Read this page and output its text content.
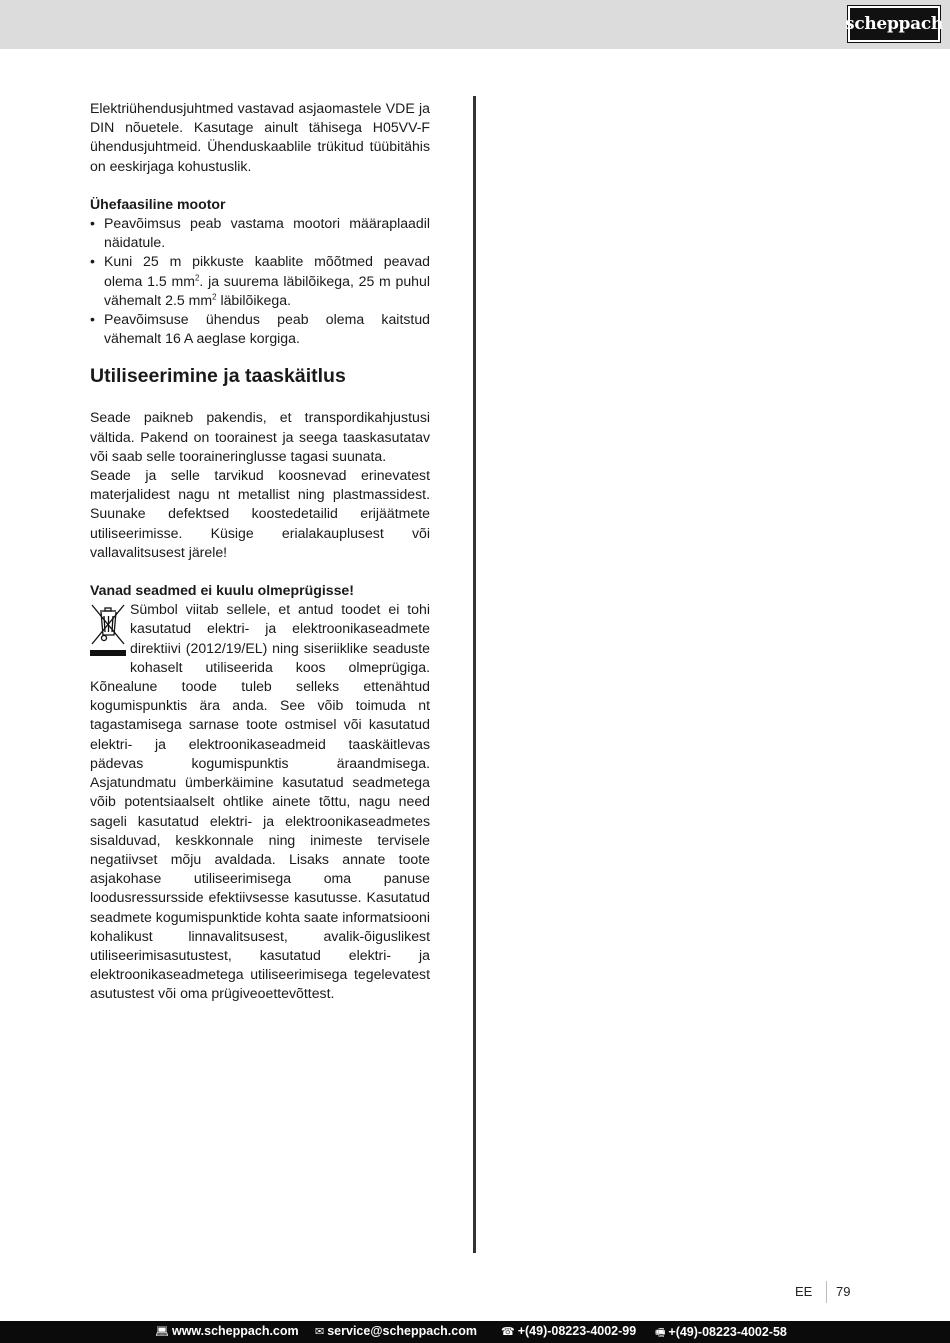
scheppach

Elektriühendusjuhtmed vastavad asjaomastele VDE ja DIN nõuetele. Kasutage ainult tähisega H05VV-F ühendusjuhtmeid. Ühenduskaablile trükitud tüübitähis on eeskirjaga kohustuslik.

Ühefaasiline mootor

• Peavõimsus peab vastama mootori määraplaadil näidatule.
• Kuni 25 m pikkuste kaablite mõõtmed peavad olema 1.5 $mm^2$. ja suurema läbilõikega, 25 m puhul vähemalt 2.5 $mm^2$ läbilõikega.
• Peavõimsuse ühendus peab olema kaitstud vähemalt 16 A aeglase korgiga.
Utiliseerimine ja taaskäitlus

Seade paikneb pakendis, et transpordikahjustusi vältida. Pakend on toorainest ja seega taaskasutatav või saab selle tooraineringlusse tagasi suunata.

Seade ja selle tarvikud koosnevad erinevatest materjalidest nagu nt metallist ning plastmassidest. Suunake defektsed koostedetailid erijäätmete utiliseerimisse. Küsige erialakauplusest või vallavalitsusest järele!

Vanad seadmed ei kuulu olmeprügisse!

Sümbol viitab sellele, et antud toodet ei tohi kasutatud elektri- ja elektroonikaseadmete direktiivi (2012/19/EL) ning siseriiklike seaduste kohaselt utiliseerida koos olmeprügiga. Kõnealune toode tuleb selleks ettenähtud kogumispunktis ära anda. See võib toimuda nt tagastamisega sarnase toote ostmisel või kasutatud elektri- ja elektroonikaseadmeid taaskäitlevas pädevas kogumispunktis äraandmisega. Asjatundmatu ümberkäimine kasutatud seadmetega võib potentsiaalselt ohtlike ainete tõttu, nagu need sageli kasutatud elektri- ja elektroonikaseadmetes sisalduvad, keskkonnale ning inimeste tervisele negatiivset mõju avaldada. Lisaks annate toote asjakohase utiliseerimisega oma panuse loodusressursside efektiivsesse kasutusse. Kasutatud seadmete kogumispunktide kohta saate informatsiooni kohalikust linnavalitsusest, avalik-õiguslikest utiliseerimisasutustest, kasutatud elektri- ja elektroonikaseadmetega utiliseerimisega tegelevatest asutustest või oma prügiveoettevõttest.

EE 79
💻︎ www.scheppach.com ✉ service@scheppach.com ☎ +(49)-08223-4002-99 🖷︎ +(49)-08223-4002-58
